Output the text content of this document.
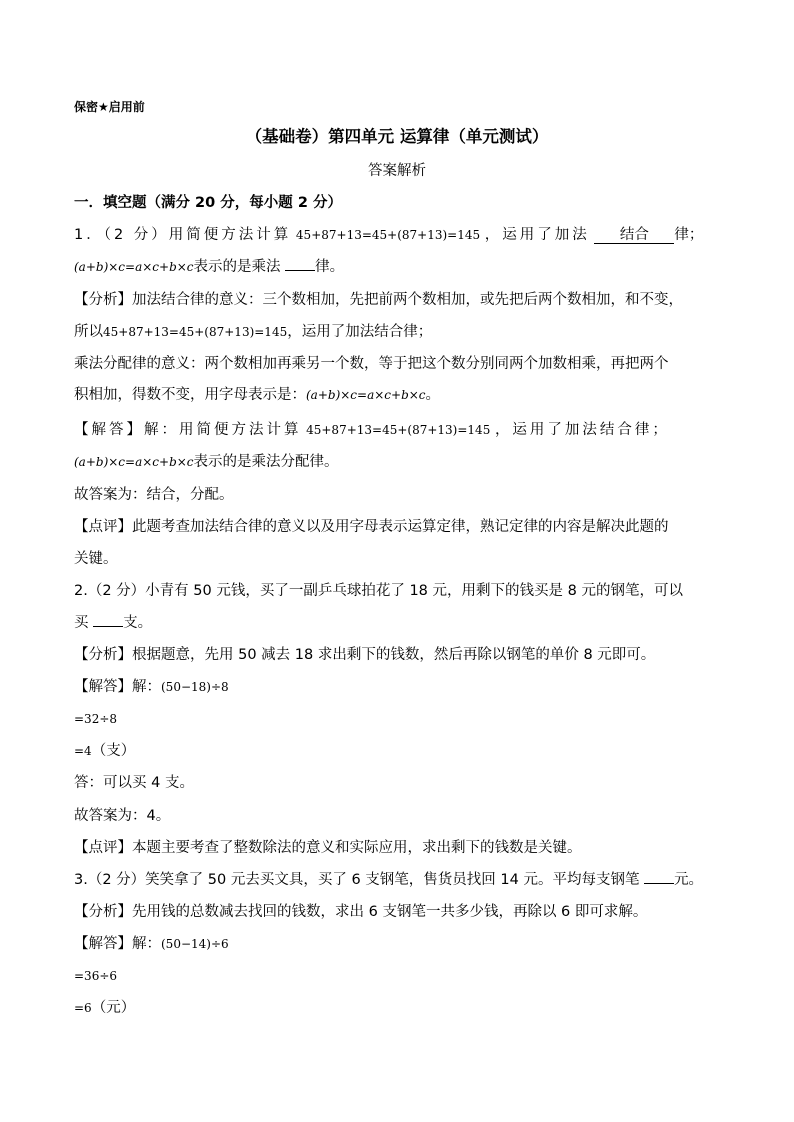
保密★启用前
（基础卷）第四单元 运算律（单元测试）
答案解析
一．填空题（满分 20 分，每小题 2 分）
1．（2 分）用简便方法计算 45+87+13=45+(87+13)=145 ，运用了加法 结合 律；
(a+b)×c=a×c+b×c表示的是乘法 律。
【分析】加法结合律的意义：三个数相加，先把前两个数相加，或先把后两个数相加，和不变，
所以45+87+13=45+(87+13)=145，运用了加法结合律；
乘法分配律的意义：两个数相加再乘另一个数，等于把这个数分别同两个加数相乘，再把两个
积相加，得数不变，用字母表示是：(a+b)×c=a×c+b×c。
【解答】解：用简便方法计算 45+87+13=45+(87+13)=145 ，运用了加法结合律；
(a+b)×c=a×c+b×c表示的是乘法分配律。
故答案为：结合，分配。
【点评】此题考查加法结合律的意义以及用字母表示运算定律，熟记定律的内容是解决此题的
关键。
2.（2 分）小青有 50 元钱，买了一副乒乓球拍花了 18 元，用剩下的钱买是 8 元的钢笔，可以
买 支。
【分析】根据题意，先用 50 减去 18 求出剩下的钱数，然后再除以钢笔的单价 8 元即可。
【解答】解：(50−18)÷8
=32÷8
=4（支）
答：可以买 4 支。
故答案为：4。
【点评】本题主要考查了整数除法的意义和实际应用，求出剩下的钱数是关键。
3.（2 分）笑笑拿了 50 元去买文具，买了 6 支钢笔，售货员找回 14 元。平均每支钢笔 元。
【分析】先用钱的总数减去找回的钱数，求出 6 支钢笔一共多少钱，再除以 6 即可求解。
【解答】解：(50−14)÷6
=36÷6
=6（元）
